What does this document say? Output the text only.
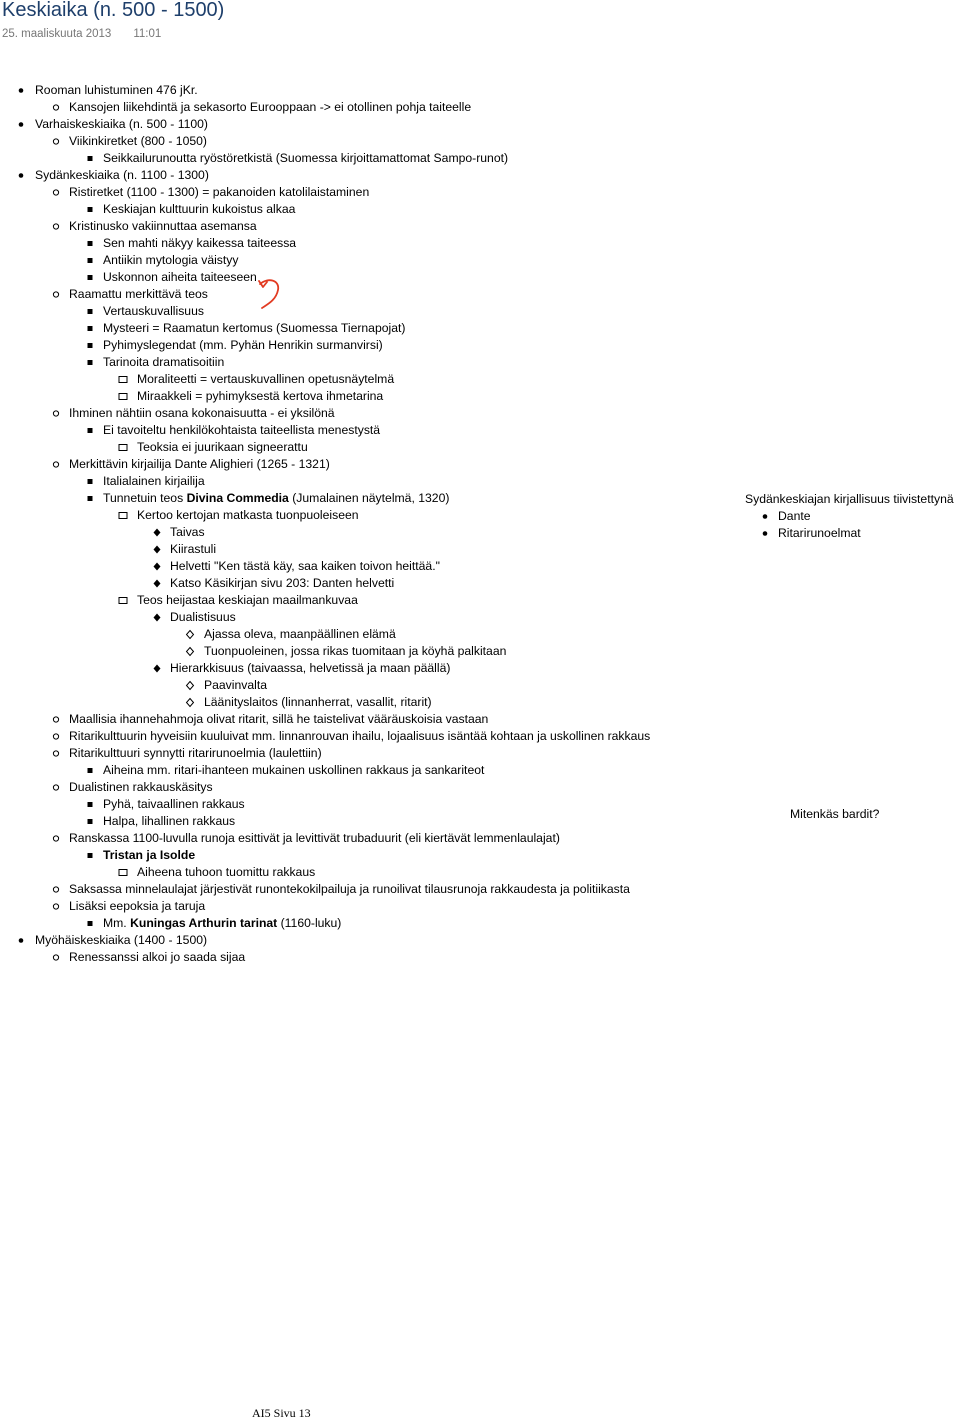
Keskiaika (n. 500 - 1500)
25. maaliskuuta 2013 11:01
Rooman luhistuminen 476 jKr.
Kansojen liikehdintä ja sekasorto Eurooppaan -> ei otollinen pohja taiteelle
Varhaiskeskiaika (n. 500 - 1100)
Viikinkiretket (800 - 1050)
Seikkailurunoutta ryöstöretkistä (Suomessa kirjoittamattomat Sampo-runot)
Sydänkeskiaika (n. 1100 - 1300)
Ristiretket (1100 - 1300) = pakanoiden katolilaistaminen
Keskiajan kulttuurin kukoistus alkaa
Kristinusko vakiinnuttaa asemansa
Sen mahti näkyy kaikessa taiteessa
Antiikin mytologia väistyy
Uskonnon aiheita taiteeseen
Raamattu merkittävä teos
Vertauskuvallisuus
Mysteeri = Raamatun kertomus (Suomessa Tiernapojat)
Pyhimyslegendat (mm. Pyhän Henrikin surmanvirsi)
Tarinoita dramatisoitiin
Moraliteetti = vertauskuvallinen opetusnäytelmä
Miraakkeli = pyhimyksestä kertova ihmetarina
Ihminen nähtiin osana kokonaisuutta - ei yksilönä
Ei tavoiteltu henkilökohtaista taiteellista menestystä
Teoksia ei juurikaan signeerattu
Merkittävin kirjailija Dante Alighieri (1265 - 1321)
Italialainen kirjailija
Tunnetuin teos Divina Commedia (Jumalainen näytelmä, 1320)
Kertoo kertojan matkasta tuonpuoleiseen
Taivas
Kiirastuli
Helvetti "Ken tästä käy, saa kaiken toivon heittää."
Katso Käsikirjan sivu 203: Danten helvetti
Teos heijastaa keskiajan maailmankuvaa
Dualistisuus
Ajassa oleva, maanpäällinen elämä
Tuonpuoleinen, jossa rikas tuomitaan ja köyhä palkitaan
Hierarkkisuus (taivaassa, helvetissä ja maan päällä)
Paavinvalta
Läänityslaitos (linnanherrat, vasallit, ritarit)
Maallisia ihannehahmoja olivat ritarit, sillä he taistelivat vääräuskoisia vastaan
Ritarikulttuurin hyveisiin kuuluivat mm. linnanrouvan ihailu, lojaalisuus isäntää kohtaan ja uskollinen rakkaus
Ritarikulttuuri synnytti ritarirunoelmia (laulettiin)
Aiheina mm. ritari-ihanteen mukainen uskollinen rakkaus ja sankariteot
Dualistinen rakkauskäsitys
Pyhä, taivaallinen rakkaus
Halpa, lihallinen rakkaus
Ranskassa 1100-luvulla runoja esittivät ja levittivät trubaduurit (eli kiertävät lemmenlaulajat)
Tristan ja Isolde
Aiheena tuhoon tuomittu rakkaus
Saksassa minnelaulajat järjestivät runontekokilpailuja ja runoilivat tilausrunoja rakkaudesta ja politiikasta
Lisäksi eepoksia ja taruja
Mm. Kuningas Arthurin tarinat (1160-luku)
Myöhäiskeskiaika (1400 - 1500)
Renessanssi alkoi jo saada sijaa
Sydänkeskiajan kirjallisuus tiivistettynä
Dante
Ritarirunoelmat
Mitenkäs bardit?
AI5 Sivu 13
